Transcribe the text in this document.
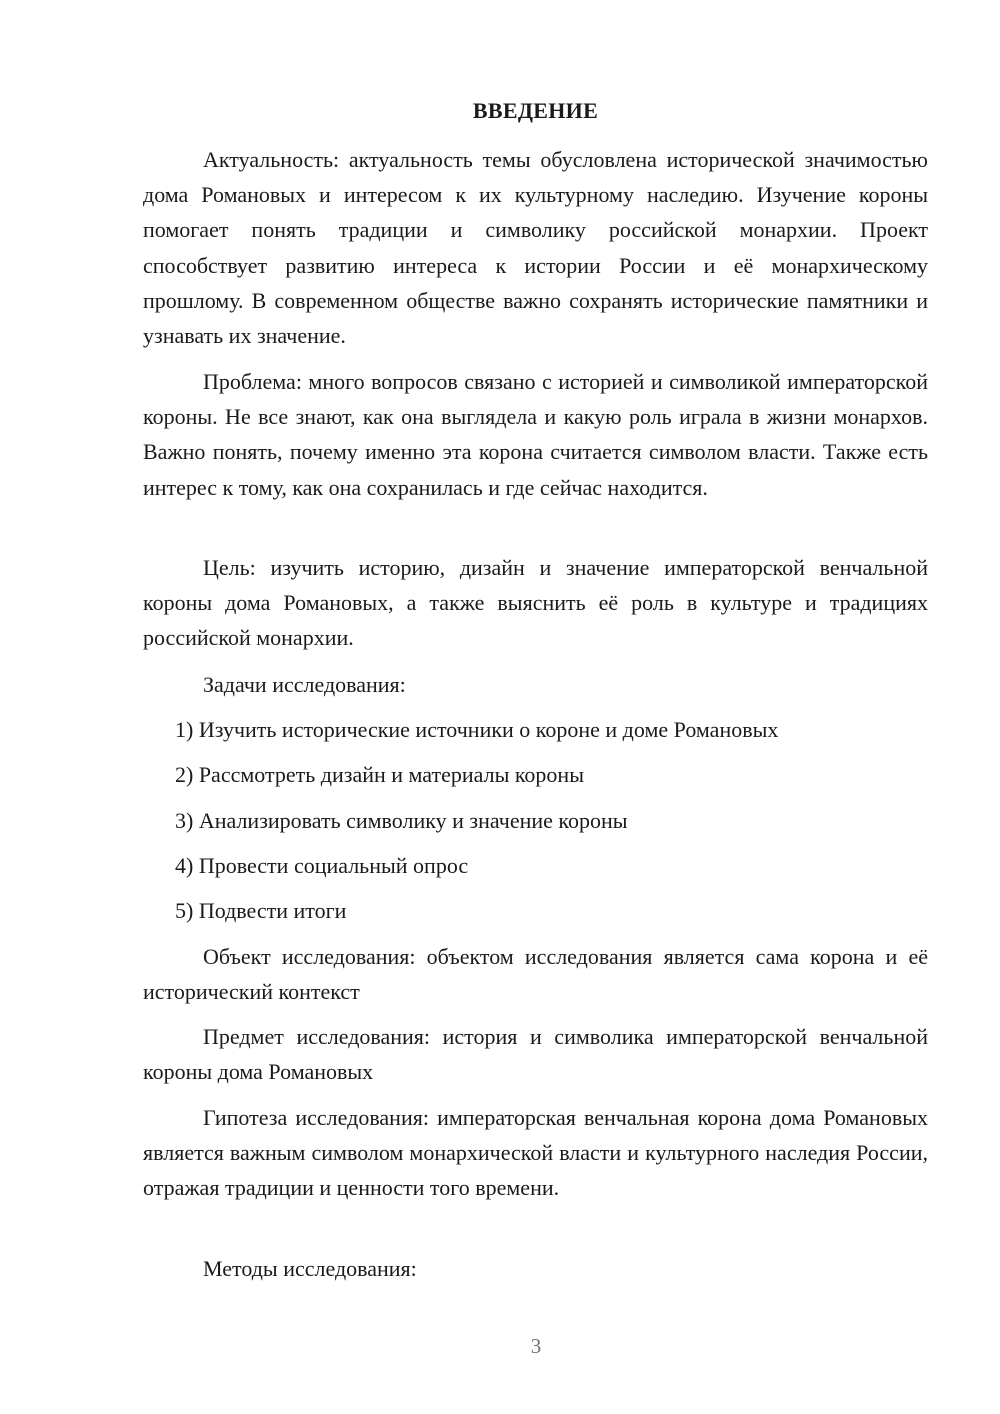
ВВЕДЕНИЕ

Актуальность: актуальность темы обусловлена исторической значимостью дома Романовых и интересом к их культурному наследию. Изучение короны помогает понять традиции и символику российской монархии. Проект способствует развитию интереса к истории России и её монархическому прошлому. В современном обществе важно сохранять исторические памятники и узнавать их значение.

Проблема: много вопросов связано с историей и символикой императорской короны. Не все знают, как она выглядела и какую роль играла в жизни монархов. Важно понять, почему именно эта корона считается символом власти. Также есть интерес к тому, как она сохранилась и где сейчас находится.

Цель: изучить историю, дизайн и значение императорской венчальной короны дома Романовых, а также выяснить её роль в культуре и традициях российской монархии.

Задачи исследования:

1) Изучить исторические источники о короне и доме Романовых

2) Рассмотреть дизайн и материалы короны

3) Анализировать символику и значение короны

4) Провести социальный опрос

5) Подвести итоги

Объект исследования: объектом исследования является сама корона и её исторический контекст

Предмет исследования: история и символика императорской венчальной короны дома Романовых

Гипотеза исследования: императорская венчальная корона дома Романовых является важным символом монархической власти и культурного наследия России, отражая традиции и ценности того времени.

Методы исследования:

3
